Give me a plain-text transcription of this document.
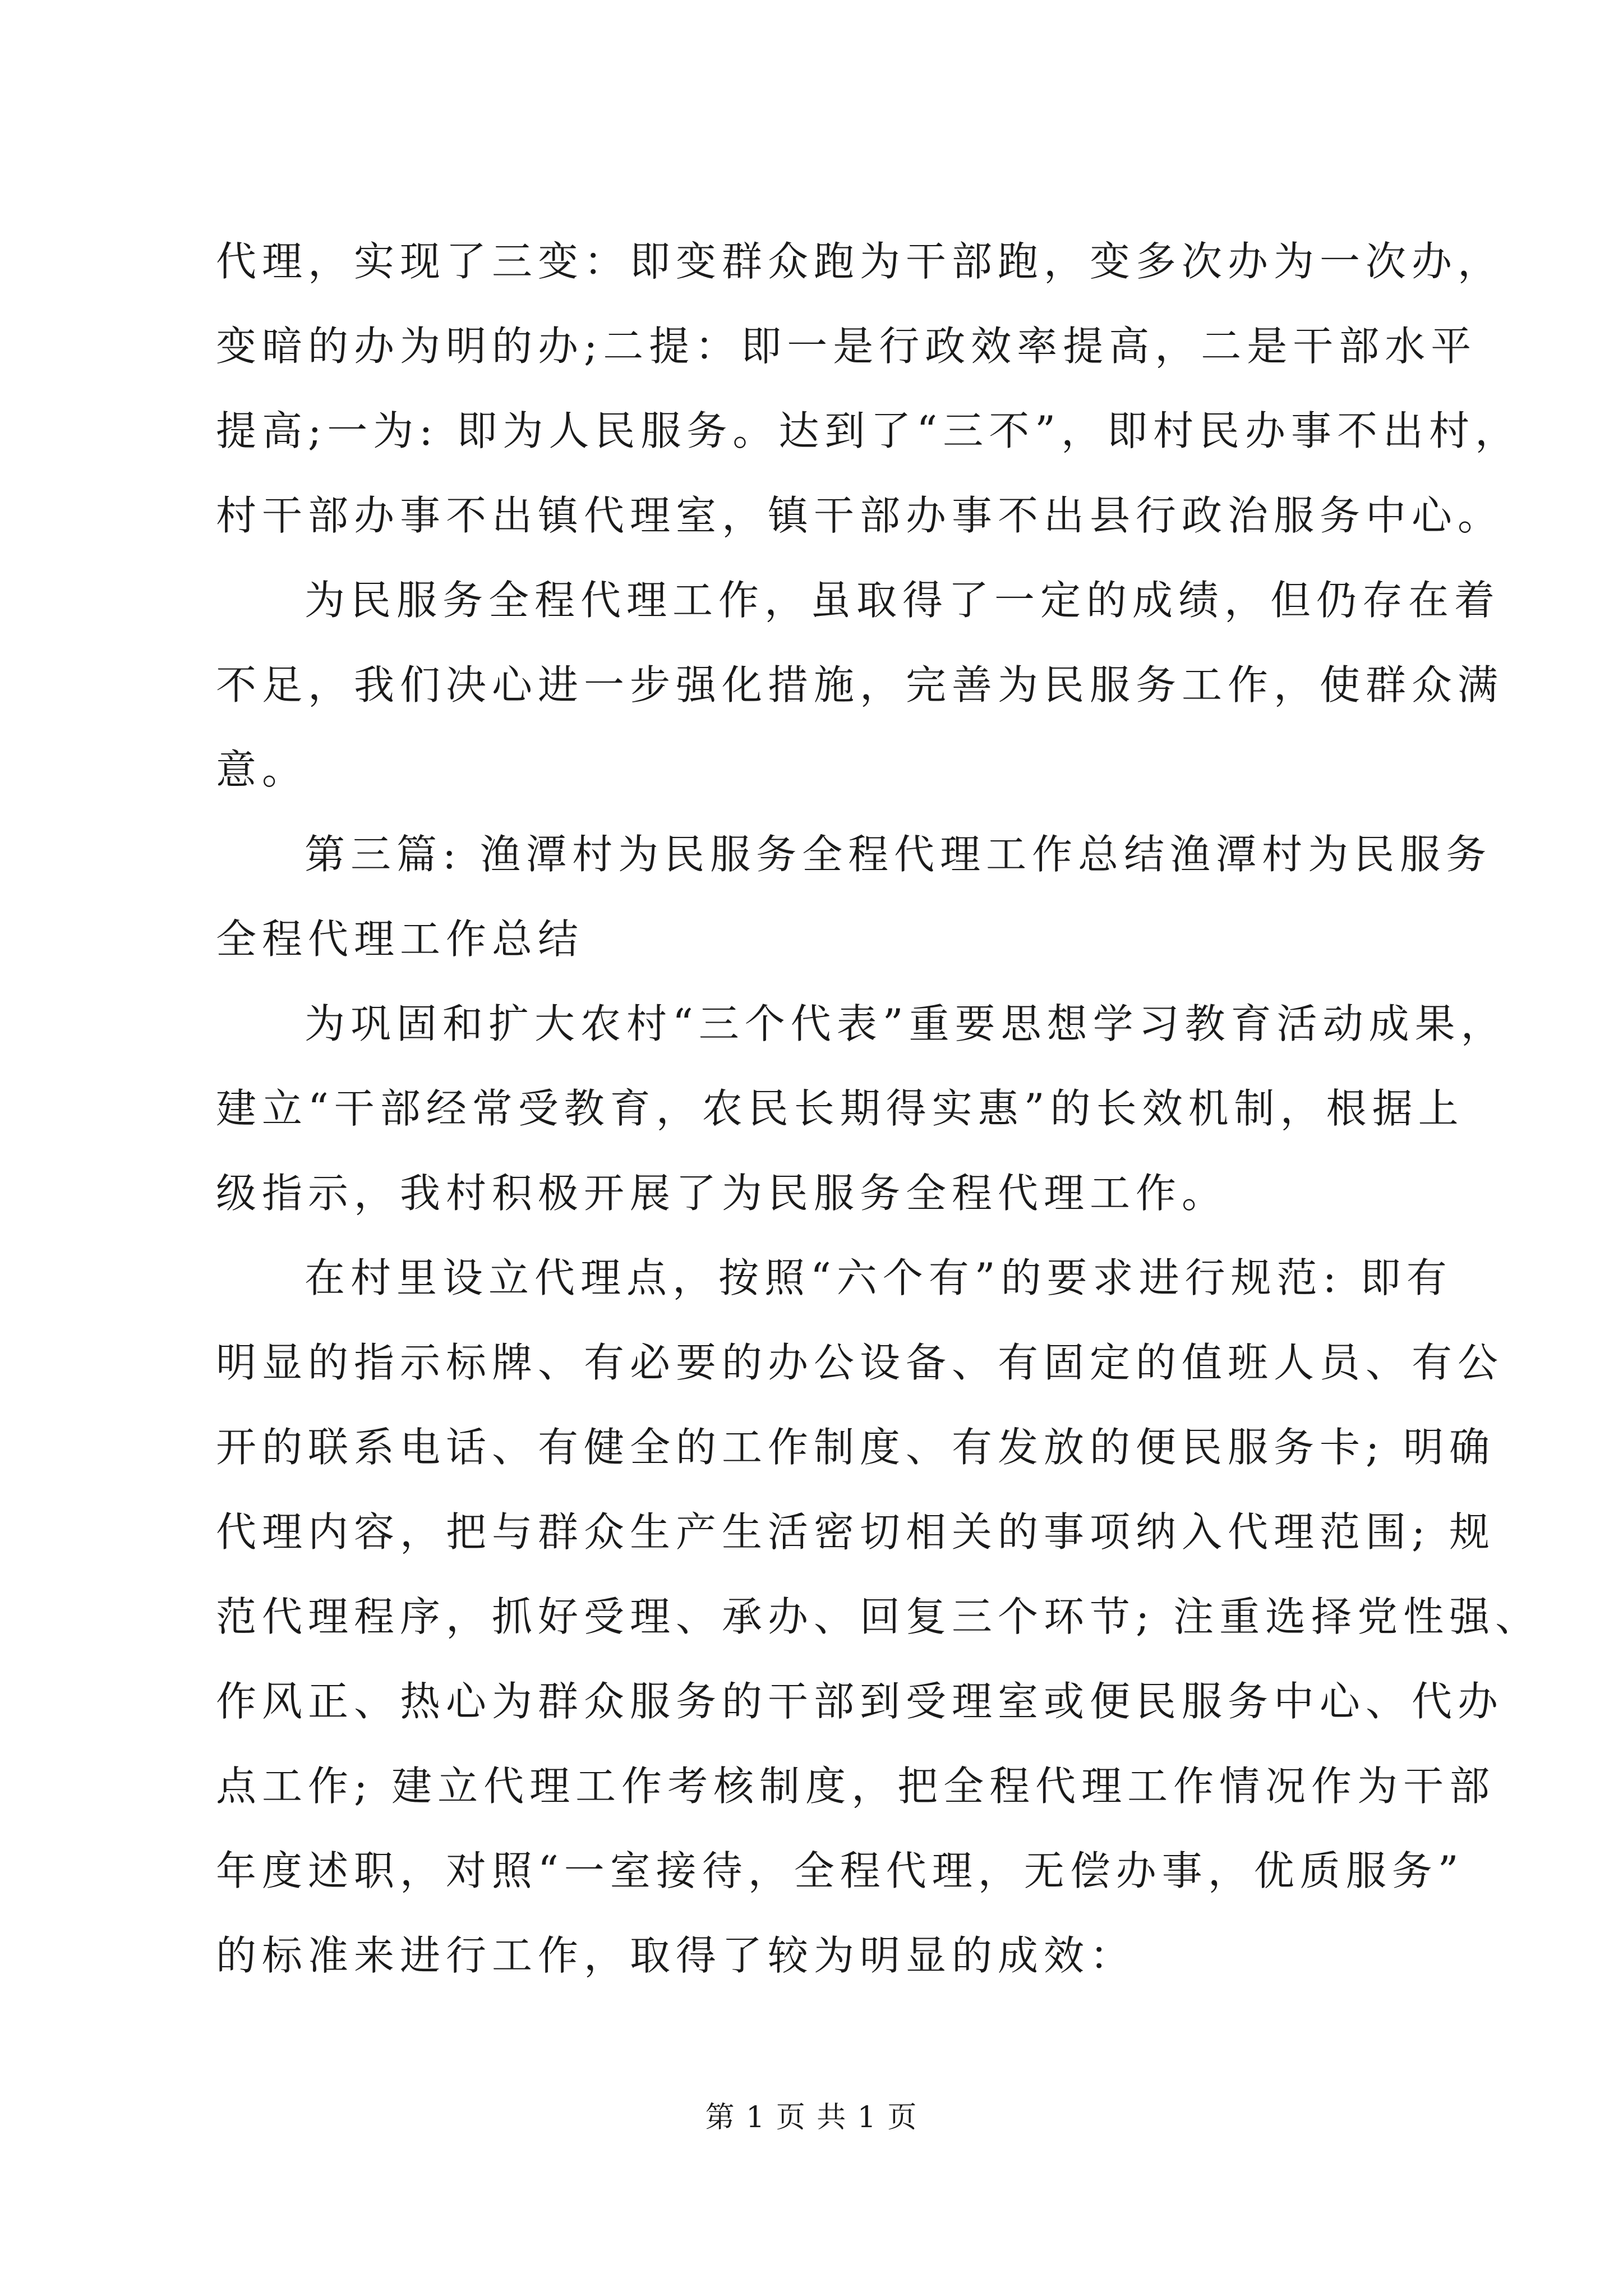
代理，实现了三变：即变群众跑为干部跑，变多次办为一次办，
变暗的办为明的办;二提：即一是行政效率提高，二是干部水平
提高;一为: 即为人民服务。达到了“三不”，即村民办事不出村，
村干部办事不出镇代理室，镇干部办事不出县行政治服务中心。
为民服务全程代理工作，虽取得了一定的成绩，但仍存在着
不足，我们决心进一步强化措施，完善为民服务工作，使群众满
意。
第三篇: 渔潭村为民服务全程代理工作总结渔潭村为民服务
全程代理工作总结
为巩固和扩大农村“三个代表”重要思想学习教育活动成果，
建立“干部经常受教育，农民长期得实惠”的长效机制，根据上
级指示，我村积极开展了为民服务全程代理工作。
在村里设立代理点，按照“六个有”的要求进行规范: 即有
明显的指示标牌、有必要的办公设备、有固定的值班人员、有公
开的联系电话、有健全的工作制度、有发放的便民服务卡; 明确
代理内容，把与群众生产生活密切相关的事项纳入代理范围; 规
范代理程序，抓好受理、承办、回复三个环节; 注重选择党性强、
作风正、热心为群众服务的干部到受理室或便民服务中心、代办
点工作; 建立代理工作考核制度，把全程代理工作情况作为干部
年度述职，对照“一室接待，全程代理，无偿办事，优质服务”
的标准来进行工作，取得了较为明显的成效：
第 1 页 共 1 页
